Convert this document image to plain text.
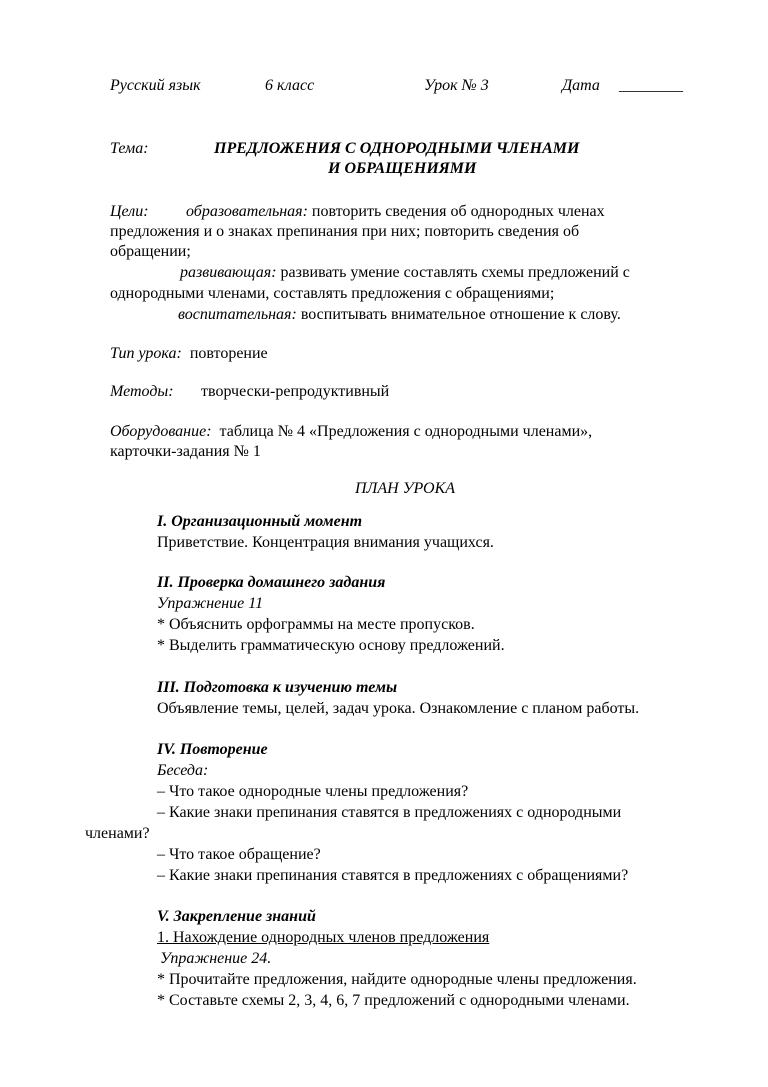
Русский язык	6 класс	Урок № 3	Дата ________
Тема:	ПРЕДЛОЖЕНИЯ С ОДНОРОДНЫМИ ЧЛЕНАМИ
И ОБРАЩЕНИЯМИ
Цели: образовательная: повторить сведения об однородных членах
предложения и о знаках препинания при них; повторить сведения об
обращении;
развивающая: развивать умение составлять схемы предложений с
однородными членами, составлять предложения с обращениями;
воспитательная: воспитывать внимательное отношение к слову.
Тип урока: повторение
Методы: творчески-репродуктивный
Оборудование: таблица № 4 «Предложения с однородными членами»,
карточки-задания № 1
ПЛАН УРОКА
I. Организационный момент
Приветствие. Концентрация внимания учащихся.
II. Проверка домашнего задания
Упражнение 11
* Объяснить орфограммы на месте пропусков.
* Выделить грамматическую основу предложений.
III. Подготовка к изучению темы
Объявление темы, целей, задач урока. Ознакомление с планом работы.
IV. Повторение
Беседа:
– Что такое однородные члены предложения?
– Какие знаки препинания ставятся в предложениях с однородными
членами?
– Что такое обращение?
– Какие знаки препинания ставятся в предложениях с обращениями?
V. Закрепление знаний
1. Нахождение однородных членов предложения
Упражнение 24.
* Прочитайте предложения, найдите однородные члены предложения.
* Составьте схемы 2, 3, 4, 6, 7 предложений с однородными членами.
